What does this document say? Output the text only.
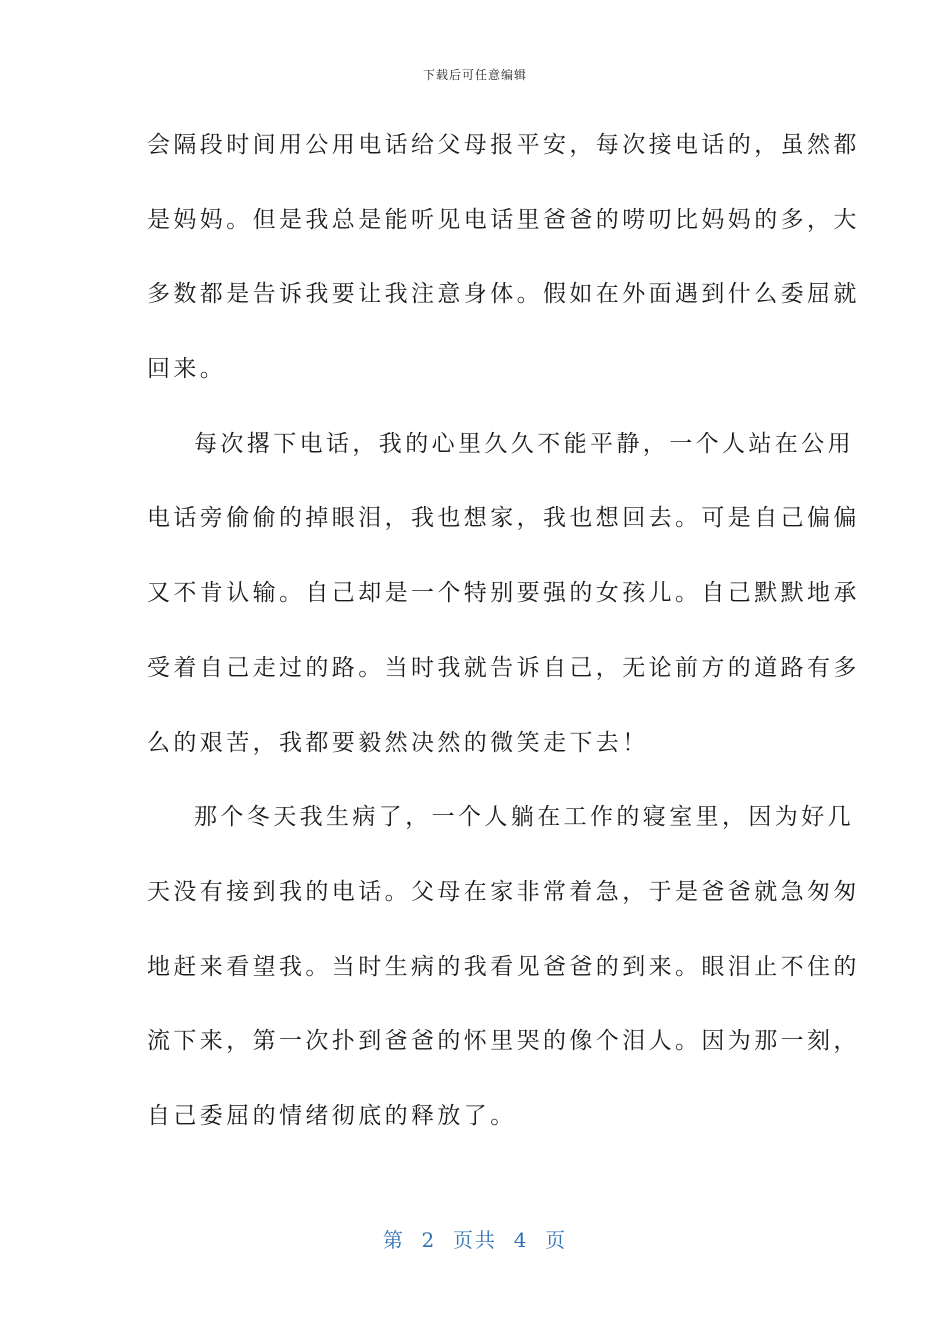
下载后可任意编辑
会隔段时间用公用电话给父母报平安，每次接电话的，虽然都
是妈妈。但是我总是能听见电话里爸爸的唠叨比妈妈的多，大
多数都是告诉我要让我注意身体。假如在外面遇到什么委屈就
回来。
每次撂下电话，我的心里久久不能平静，一个人站在公用
电话旁偷偷的掉眼泪，我也想家，我也想回去。可是自己偏偏
又不肯认输。自己却是一个特别要强的女孩儿。自己默默地承
受着自己走过的路。当时我就告诉自己，无论前方的道路有多
么的艰苦，我都要毅然决然的微笑走下去！
那个冬天我生病了，一个人躺在工作的寝室里，因为好几
天没有接到我的电话。父母在家非常着急，于是爸爸就急匆匆
地赶来看望我。当时生病的我看见爸爸的到来。眼泪止不住的
流下来，第一次扑到爸爸的怀里哭的像个泪人。因为那一刻，
自己委屈的情绪彻底的释放了。
第  2  页共  4  页
